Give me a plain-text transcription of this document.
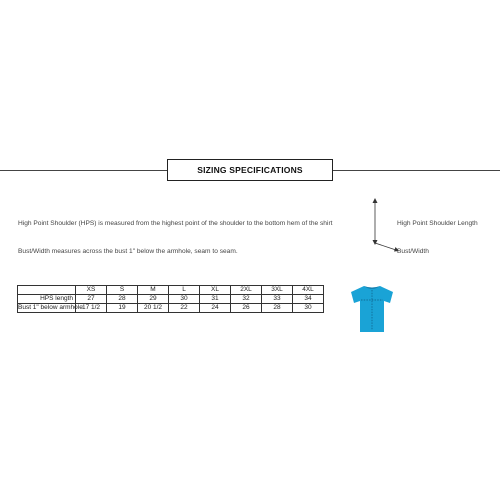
SIZING SPECIFICATIONS
High Point Shoulder (HPS) is measured from the highest point of the shoulder to the bottom hem of the shirt
Bust/Width measures across the bust 1" below the armhole, seam to seam.
High Point Shoulder Length
Bust/Width
	XS	S	M	L	XL	2XL	3XL	4XL
HPS length	27	28	29	30	31	32	33	34
Bust 1" below armhole	17 1/2	19	20 1/2	22	24	26	28	30
